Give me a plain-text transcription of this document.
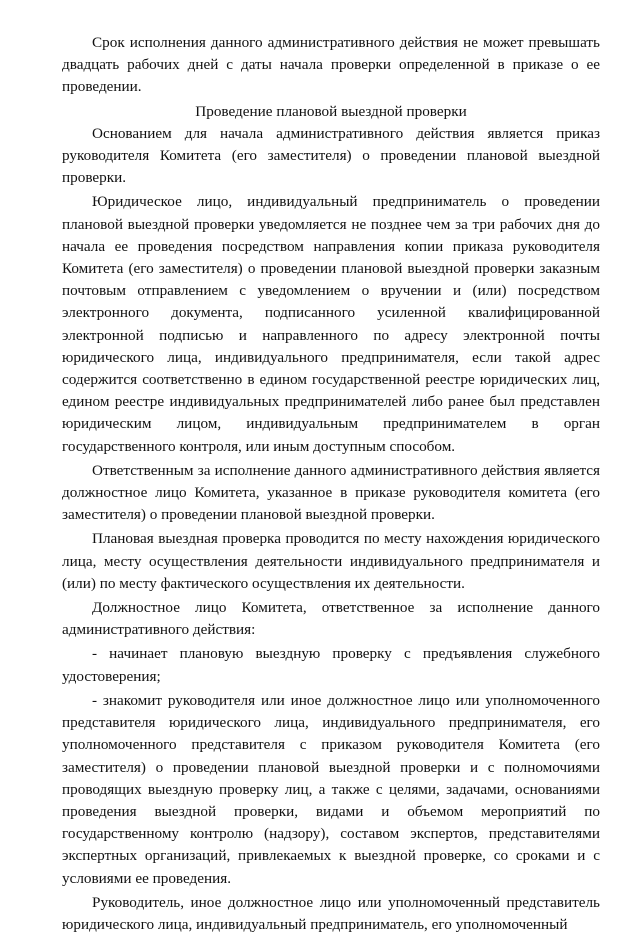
Срок исполнения данного административного действия не может превышать двадцать рабочих дней с даты начала проверки определенной в приказе о ее проведении.

Проведение плановой выездной проверки

Основанием для начала административного действия является приказ руководителя Комитета (его заместителя) о проведении плановой выездной проверки.

Юридическое лицо, индивидуальный предприниматель о проведении плановой выездной проверки уведомляется не позднее чем за три рабочих дня до начала ее проведения посредством направления копии приказа руководителя Комитета (его заместителя) о проведении плановой выездной проверки заказным почтовым отправлением с уведомлением о вручении и (или) посредством электронного документа, подписанного усиленной квалифицированной электронной подписью и направленного по адресу электронной почты юридического лица, индивидуального предпринимателя, если такой адрес содержится соответственно в едином государственной реестре юридических лиц, едином реестре индивидуальных предпринимателей либо ранее был представлен юридическим лицом, индивидуальным предпринимателем в орган государственного контроля, или иным доступным способом.

Ответственным за исполнение данного административного действия является должностное лицо Комитета, указанное в приказе руководителя комитета (его заместителя) о проведении плановой выездной проверки.

Плановая выездная проверка проводится по месту нахождения юридического лица, месту осуществления деятельности индивидуального предпринимателя и (или) по месту фактического осуществления их деятельности.

Должностное лицо Комитета, ответственное за исполнение данного административного действия:

- начинает плановую выездную проверку с предъявления служебного удостоверения;

- знакомит руководителя или иное должностное лицо или уполномоченного представителя юридического лица, индивидуального предпринимателя, его уполномоченного представителя с приказом руководителя Комитета (его заместителя) о проведении плановой выездной проверки и с полномочиями проводящих выездную проверку лиц, а также с целями, задачами, основаниями проведения выездной проверки, видами и объемом мероприятий по государственному контролю (надзору), составом экспертов, представителями экспертных организаций, привлекаемых к выездной проверке, со сроками и с условиями ее проведения.

Руководитель, иное должностное лицо или уполномоченный представитель юридического лица, индивидуальный предприниматель, его уполномоченный
